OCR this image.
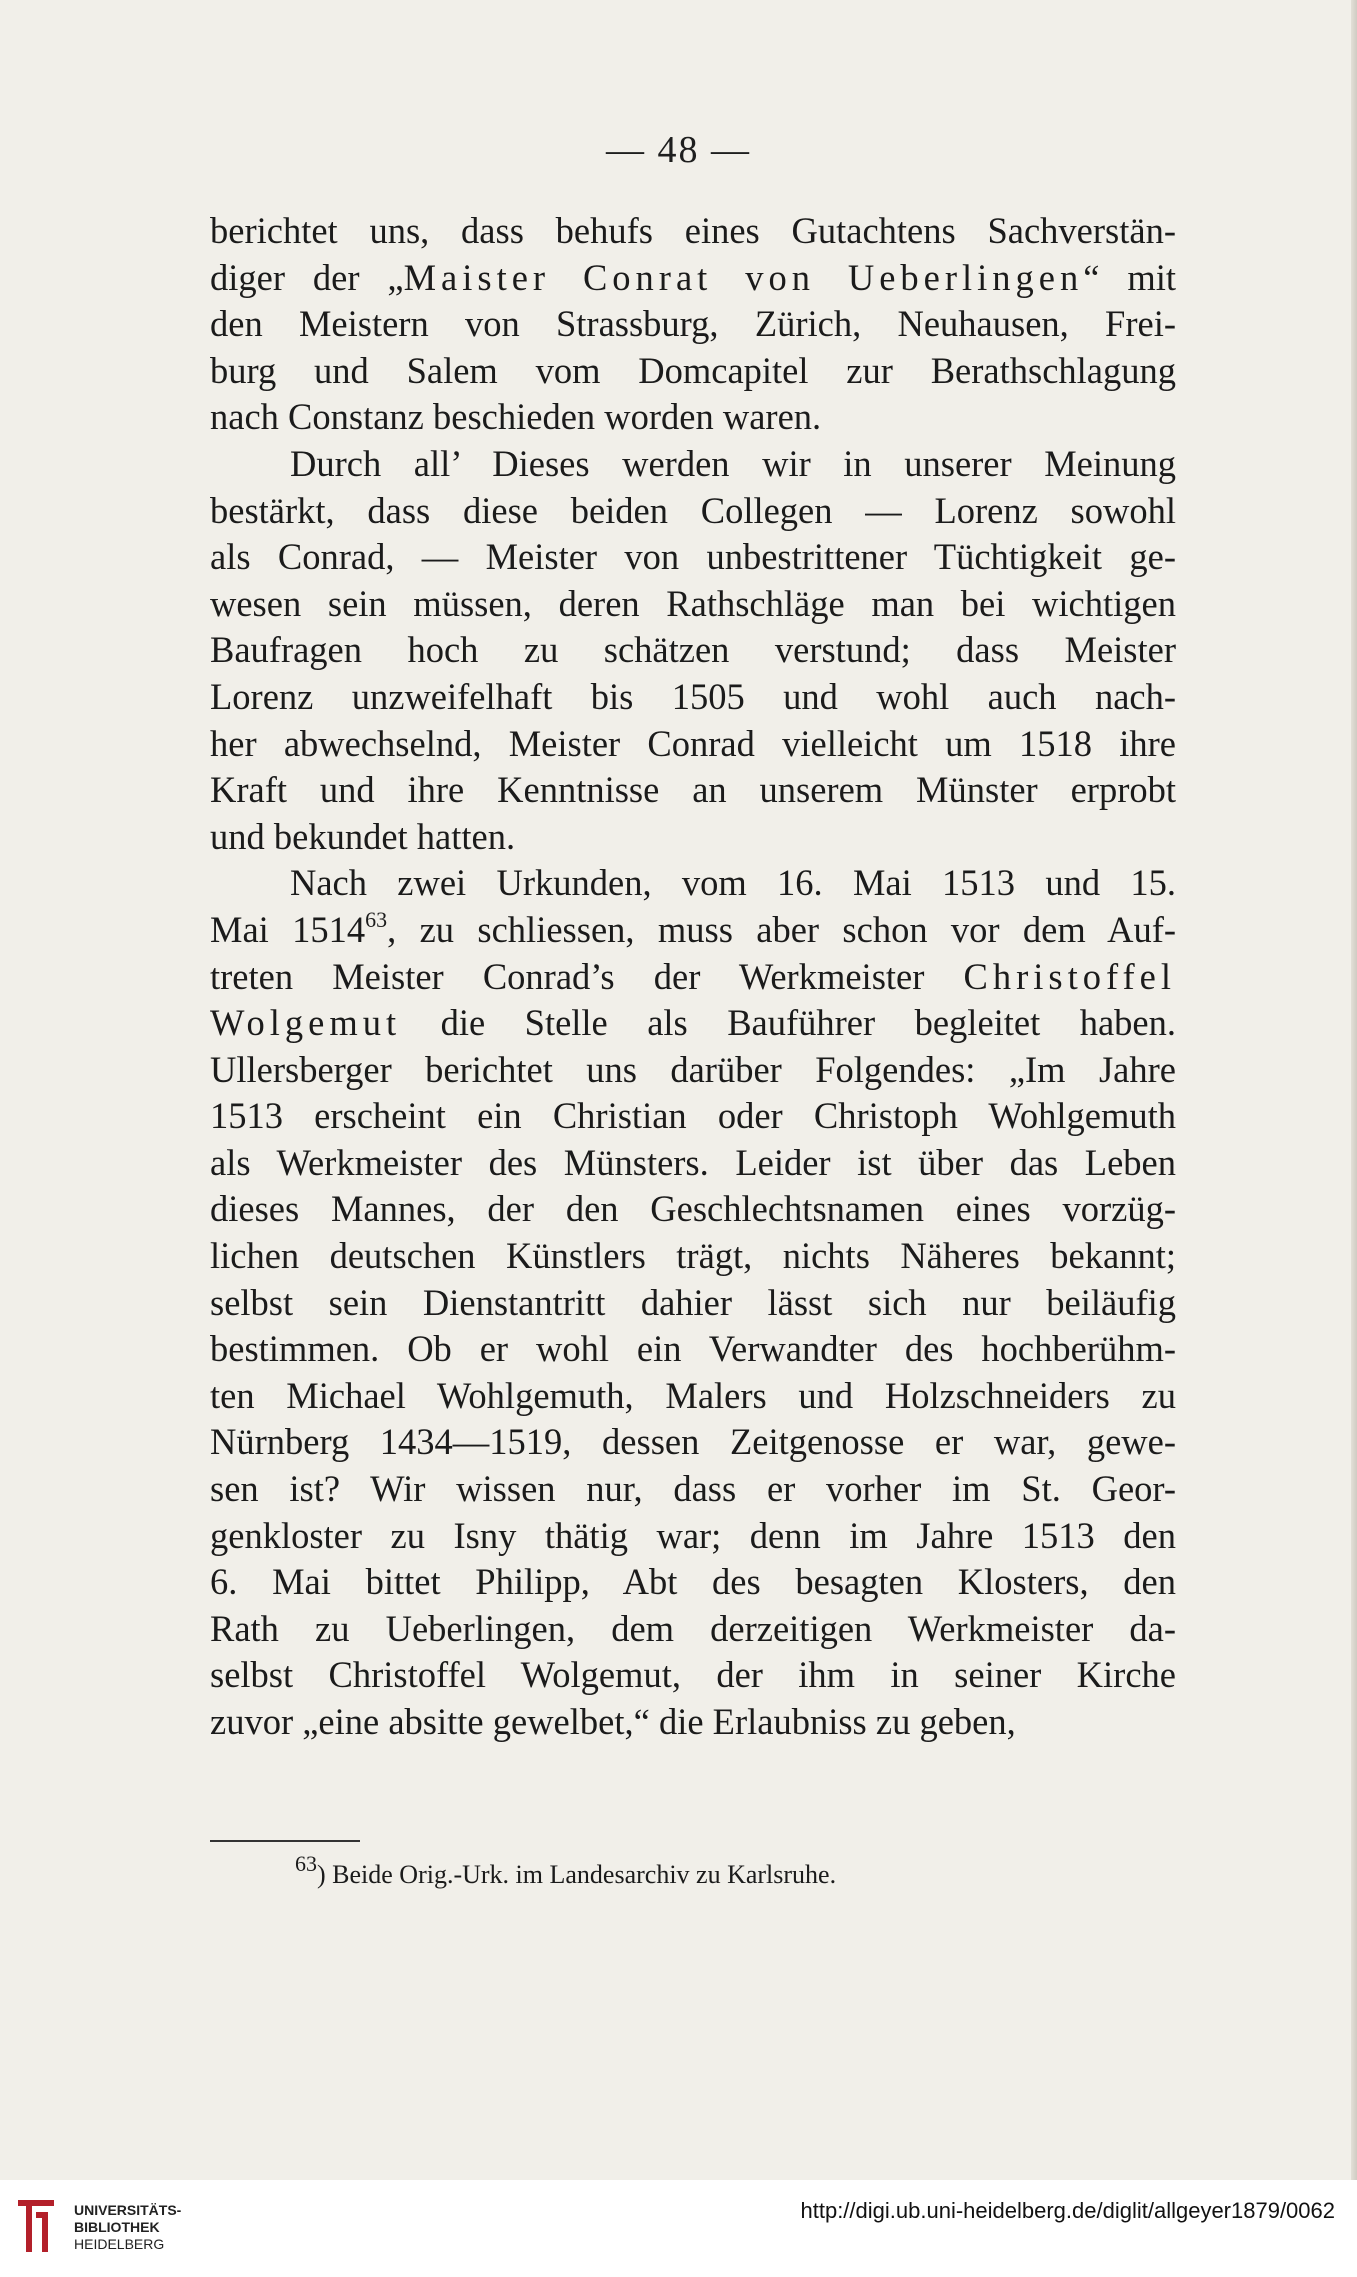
— 48 —
berichtet uns, dass behufs eines Gutachtens Sachverstän-
diger der „Maister Conrat von Ueberlingen“ mit
den Meistern von Strassburg, Zürich, Neuhausen, Frei-
burg und Salem vom Domcapitel zur Berathschlagung
nach Constanz beschieden worden waren.
Durch all’ Dieses werden wir in unserer Meinung
bestärkt, dass diese beiden Collegen — Lorenz sowohl
als Conrad, — Meister von unbestrittener Tüchtigkeit ge-
wesen sein müssen, deren Rathschläge man bei wichtigen
Baufragen hoch zu schätzen verstund; dass Meister
Lorenz unzweifelhaft bis 1505 und wohl auch nach-
her abwechselnd, Meister Conrad vielleicht um 1518 ihre
Kraft und ihre Kenntnisse an unserem Münster erprobt
und bekundet hatten.
Nach zwei Urkunden, vom 16. Mai 1513 und 15.
Mai 1514$^{63}$, zu schliessen, muss aber schon vor dem Auf-
treten Meister Conrad’s der Werkmeister Christoffel
Wolgemut die Stelle als Bauführer begleitet haben.
Ullersberger berichtet uns darüber Folgendes: „Im Jahre
1513 erscheint ein Christian oder Christoph Wohlgemuth
als Werkmeister des Münsters. Leider ist über das Leben
dieses Mannes, der den Geschlechtsnamen eines vorzüg-
lichen deutschen Künstlers trägt, nichts Näheres bekannt;
selbst sein Dienstantritt dahier lässt sich nur beiläufig
bestimmen. Ob er wohl ein Verwandter des hochberühm-
ten Michael Wohlgemuth, Malers und Holzschneiders zu
Nürnberg 1434—1519, dessen Zeitgenosse er war, gewe-
sen ist? Wir wissen nur, dass er vorher im St. Geor-
genkloster zu Isny thätig war; denn im Jahre 1513 den
6. Mai bittet Philipp, Abt des besagten Klosters, den
Rath zu Ueberlingen, dem derzeitigen Werkmeister da-
selbst Christoffel Wolgemut, der ihm in seiner Kirche
zuvor „eine absitte gewelbet,“ die Erlaubniss zu geben,
$^{63}$) Beide Orig.-Urk. im Landesarchiv zu Karlsruhe.
UNIVERSITÄTS-
BIBLIOTHEK
HEIDELBERG
http://digi.ub.uni-heidelberg.de/diglit/allgeyer1879/0062
